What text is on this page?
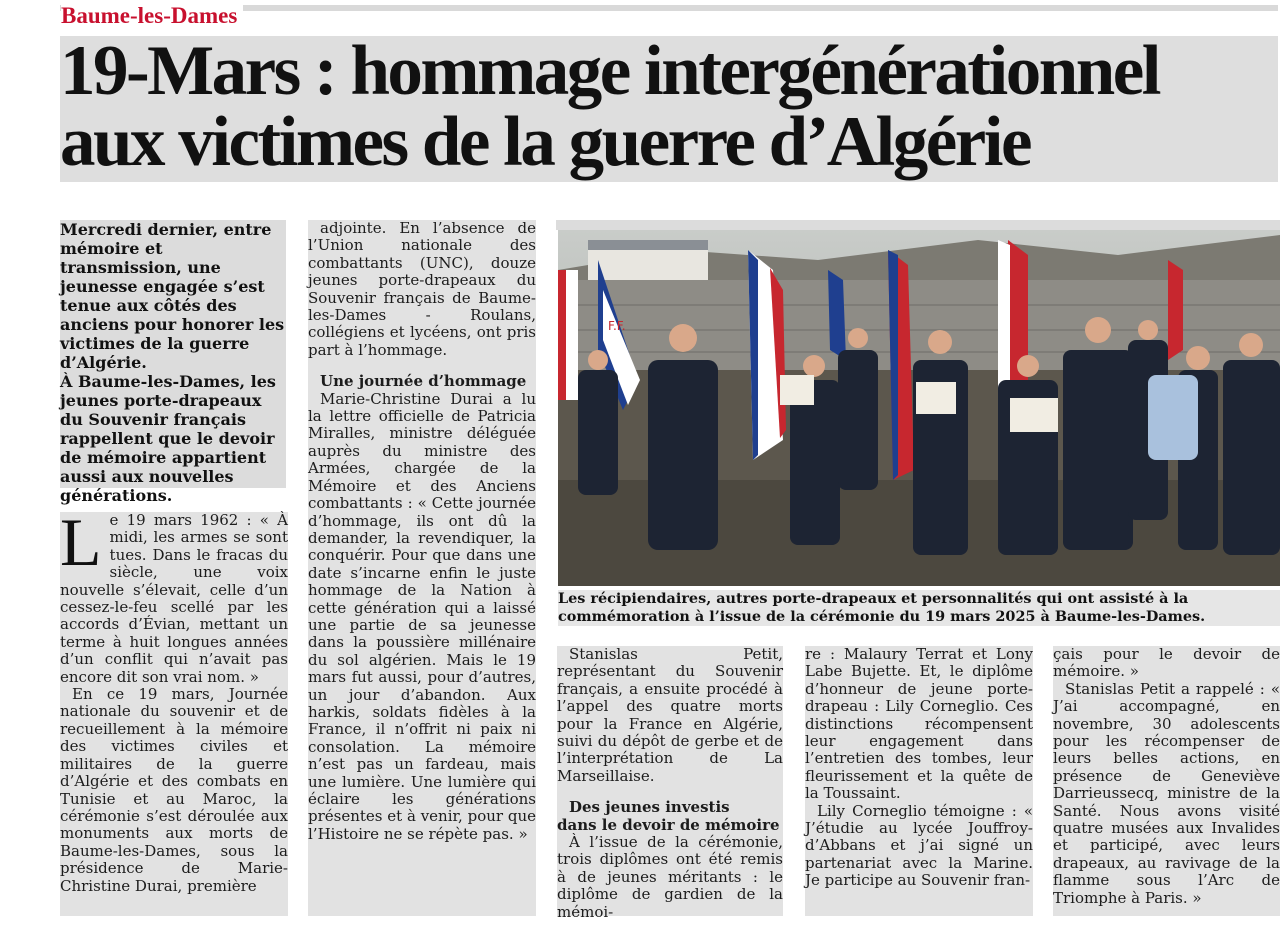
Baume-les-Dames
19-Mars : hommage intergénérationnel
aux victimes de la guerre d’Algérie

Mercredi dernier, entre mémoire et transmission, une jeunesse engagée s’est tenue aux côtés des anciens pour honorer les victimes de la guerre d’Algérie.
À Baume-les-Dames, les jeunes porte-drapeaux du Souvenir français rappellent que le devoir de mémoire appartient aussi aux nouvelles générations.

Le 19 mars 1962 : « À midi, les armes se sont tues. Dans le fracas du siècle, une voix nouvelle s’élevait, celle d’un cessez-le-feu scellé par les accords d’Évian, mettant un terme à huit longues années d’un conflit qui n’avait pas encore dit son vrai nom. »

En ce 19 mars, Journée nationale du souvenir et de recueillement à la mémoire des victimes civiles et militaires de la guerre d’Algérie et des combats en Tunisie et au Maroc, la cérémonie s’est déroulée aux monuments aux morts de Baume-les-Dames, sous la présidence de Marie-Christine Durai, première

adjointe. En l’absence de l’Union nationale des combattants (UNC), douze jeunes porte-drapeaux du Souvenir français de Baume-les-Dames - Roulans, collégiens et lycéens, ont pris part à l’hommage.

Une journée d’hommage

Marie-Christine Durai a lu la lettre officielle de Patricia Miralles, ministre déléguée auprès du ministre des Armées, chargée de la Mémoire et des Anciens combattants : « Cette journée d’hommage, ils ont dû la demander, la revendiquer, la conquérir. Pour que dans une date s’incarne enfin le juste hommage de la Nation à cette génération qui a laissé une partie de sa jeunesse dans la poussière millénaire du sol algérien. Mais le 19 mars fut aussi, pour d’autres, un jour d’abandon. Aux harkis, soldats fidèles à la France, il n’offrit ni paix ni consolation. La mémoire n’est pas un fardeau, mais une lumière. Une lumière qui éclaire les générations présentes et à venir, pour que l’Histoire ne se répète pas. »

F.F.

Les récipiendaires, autres porte-drapeaux et personnalités qui ont assisté à la commémoration à l’issue de la cérémonie du 19 mars 2025 à Baume-les-Dames.

Stanislas Petit, représentant du Souvenir français, a ensuite procédé à l’appel des quatre morts pour la France en Algérie, suivi du dépôt de gerbe et de l’interprétation de La Marseillaise.

Des jeunes investis
dans le devoir de mémoire

À l’issue de la cérémonie, trois diplômes ont été remis à de jeunes méritants : le diplôme de gardien de la mémoi-

re : Malaury Terrat et Lony Labe Bujette. Et, le diplôme d’honneur de jeune porte-drapeau : Lily Corneglio. Ces distinctions récompensent leur engagement dans l’entretien des tombes, leur fleurissement et la quête de la Toussaint.

Lily Corneglio témoigne : « J’étudie au lycée Jouffroy-d’Abbans et j’ai signé un partenariat avec la Marine. Je participe au Souvenir fran-

çais pour le devoir de mémoire. »

Stanislas Petit a rappelé : « J’ai accompagné, en novembre, 30 adolescents pour les récompenser de leurs belles actions, en présence de Geneviève Darrieussecq, ministre de la Santé. Nous avons visité quatre musées aux Invalides et participé, avec leurs drapeaux, au ravivage de la flamme sous l’Arc de Triomphe à Paris. »
